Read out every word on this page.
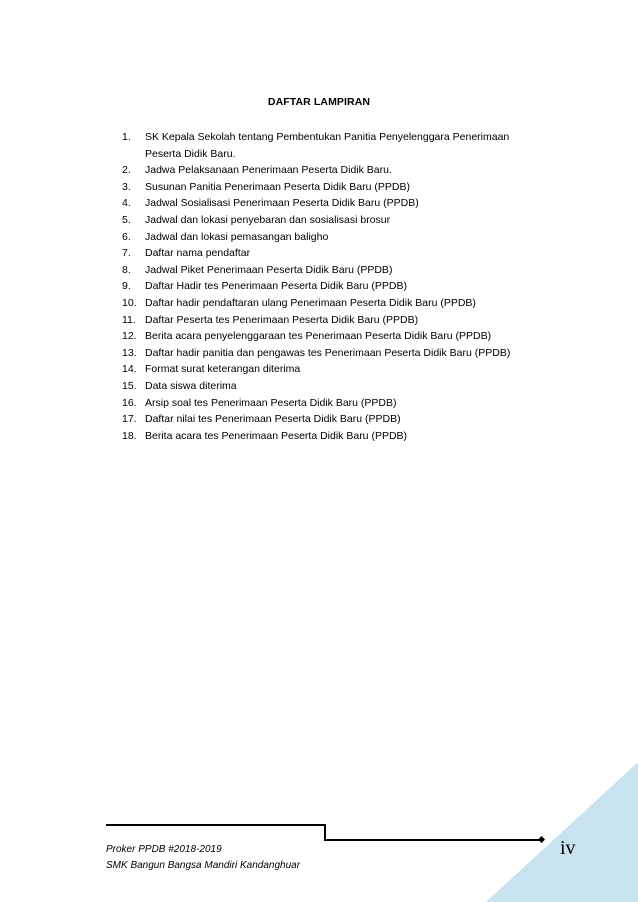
DAFTAR LAMPIRAN
1.	SK Kepala Sekolah tentang Pembentukan Panitia Penyelenggara Penerimaan Peserta Didik Baru.
2.	Jadwa Pelaksanaan Penerimaan Peserta Didik Baru.
3.	Susunan Panitia Penerimaan Peserta Didik Baru (PPDB)
4.	Jadwal Sosialisasi Penerimaan Peserta Didik Baru (PPDB)
5.	Jadwal dan lokasi penyebaran dan sosialisasi brosur
6.	Jadwal dan lokasi pemasangan baligho
7.	Daftar nama pendaftar
8.	Jadwal Piket Penerimaan Peserta Didik Baru (PPDB)
9.	Daftar Hadir tes Penerimaan Peserta Didik Baru (PPDB)
10. Daftar hadir pendaftaran ulang Penerimaan Peserta Didik Baru (PPDB)
11. Daftar Peserta tes Penerimaan Peserta Didik Baru (PPDB)
12. Berita acara penyelenggaraan tes Penerimaan Peserta Didik Baru (PPDB)
13. Daftar hadir panitia dan pengawas tes Penerimaan Peserta Didik Baru (PPDB)
14. Format surat keterangan diterima
15. Data siswa diterima
16. Arsip soal tes Penerimaan Peserta Didik Baru (PPDB)
17. Daftar nilai tes Penerimaan Peserta Didik Baru (PPDB)
18. Berita acara tes Penerimaan Peserta Didik Baru (PPDB)
Proker PPDB #2018-2019
SMK Bangun Bangsa Mandiri Kandanghuar
iv
